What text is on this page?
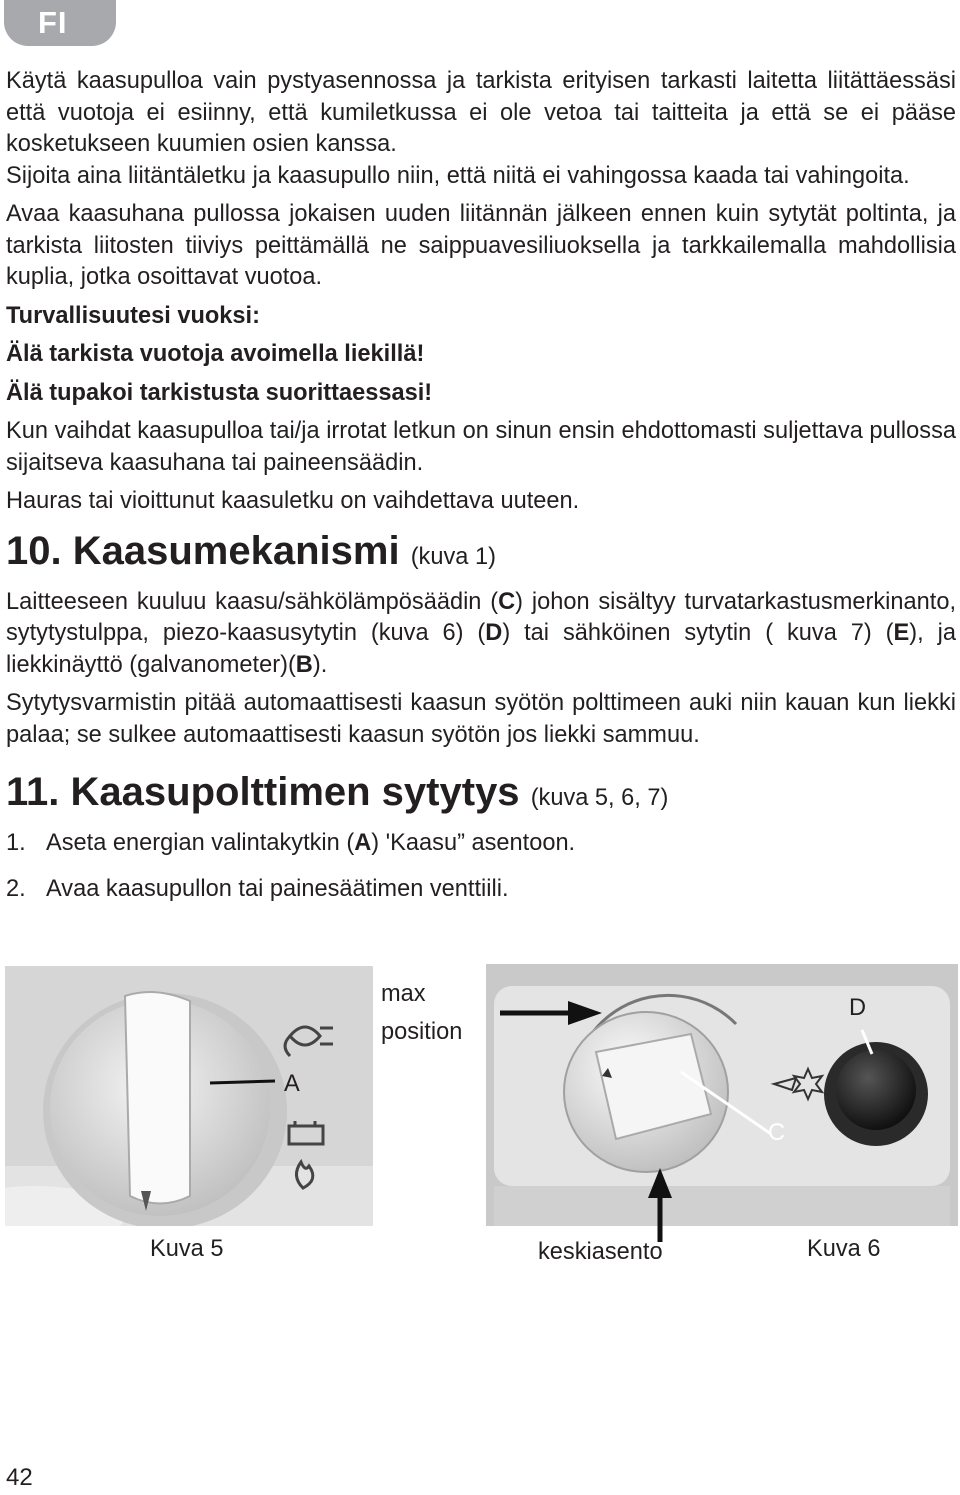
FI

Käytä kaasupulloa vain pystyasennossa ja tarkista erityisen tarkasti laitetta liitättäessäsi että vuotoja ei esiinny, että kumiletkussa ei ole vetoa tai taitteita ja että se ei pääse kosketukseen kuumien osien kanssa.

Sijoita aina liitäntäletku ja kaasupullo niin, että niitä ei vahingossa kaada tai vahingoita.

Avaa kaasuhana pullossa jokaisen uuden liitännän jälkeen ennen kuin sytytät poltinta, ja tarkista liitosten tiiviys peittämällä ne saippuavesiliuoksella ja tarkkailemalla mahdollisia kuplia, jotka osoittavat vuotoa.

Turvallisuutesi vuoksi:

Älä tarkista vuotoja avoimella liekillä!

Älä tupakoi tarkistusta suorittaessasi!

Kun vaihdat kaasupulloa tai/ja irrotat letkun on sinun ensin ehdottomasti suljettava pullossa sijaitseva kaasuhana tai paineensäädin.

Hauras tai vioittunut kaasuletku on vaihdettava uuteen.

10. Kaasumekanismi (kuva 1)

Laitteeseen kuuluu kaasu/sähkölämpösäädin (C) johon sisältyy turvatarkastusmerkinanto, sytytystulppa, piezo-kaasusytytin (kuva 6) (D) tai sähköinen sytytin ( kuva 7) (E), ja liekkinäyttö (galvanometer)(B).

Sytytysvarmistin pitää automaattisesti kaasun syötön polttimeen auki niin kauan kun liekki palaa; se sulkee automaattisesti kaasun syötön jos liekki sammuu.

11. Kaasupolttimen sytytys (kuva 5, 6, 7)
1. Aseta energian valintakytkin (A) 'Kaasu” asentoon.
2. Avaa kaasupullon tai painesäätimen venttiili.
A
Kuva 5
max
position
D
C
keskiasento	Kuva 6
42
